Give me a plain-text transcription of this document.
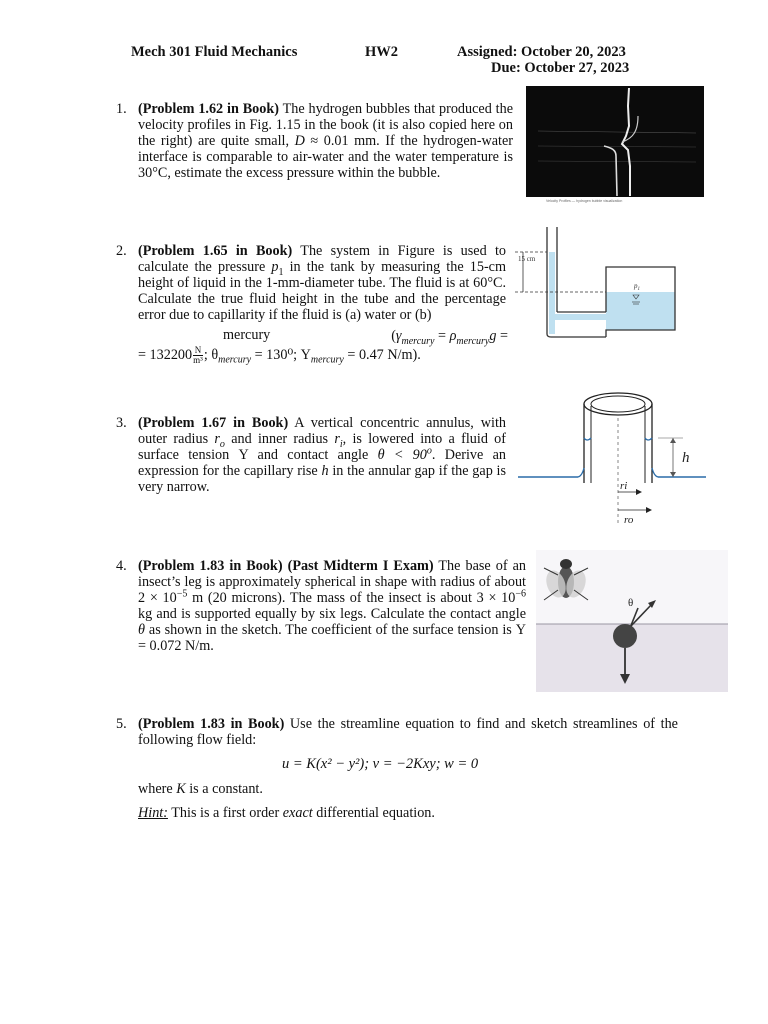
Mech 301 Fluid Mechanics	HW2	Assigned: October 20, 2023
Due: October 27, 2023
1. (Problem 1.62 in Book) The hydrogen bubbles that produced the velocity profiles in Fig. 1.15 in the book (it is also copied here on the right) are quite small, D ≈ 0.01 mm. If the hydrogen-water interface is comparable to air-water and the water temperature is 30°C, estimate the excess pressure within the bubble.
Velocity Profiles — hydrogen bubble visualization
2. (Problem 1.65 in Book) The system in Figure is used to calculate the pressure $p_1$ in the tank by measuring the 15-cm height of liquid in the 1-mm-diameter tube. The fluid is at 60°C. Calculate the true fluid height in the tube and the percentage error due to capillarity if the fluid is (a) water or (b)
mercury	($\gamma_{mercury} = \rho_{mercury}g$ =
= $132200 \frac{N}{\text{m³}}$ ; $\theta_{mercury} = 130^0$; $\Upsilon_{mercury} = 0.47$ N/m).
15 cm
$p_1$
3. (Problem 1.67 in Book) A vertical concentric annulus, with outer radius $r_o$ and inner radius $r_i$, is lowered into a fluid of surface tension Υ and contact angle $\theta < 90^o$. Derive an expression for the capillary rise h in the annular gap if the gap is very narrow.
h
ri
ro
4. (Problem 1.83 in Book) (Past Midterm I Exam) The base of an insect’s leg is approximately spherical in shape with radius of about $2 \times 10^{-5}$ m (20 microns). The mass of the insect is about $3 \times 10^{-6}$ kg and is supported equally by six legs. Calculate the contact angle θ as shown in the sketch. The coefficient of the surface tension is Υ = 0.072 N/m.
θ
5. (Problem 1.83 in Book) Use the streamline equation to find and sketch streamlines of the following flow field:
u = K(x² − y²); v = −2Kxy; w = 0
where K is a constant.
Hint: This is a first order exact differential equation.
